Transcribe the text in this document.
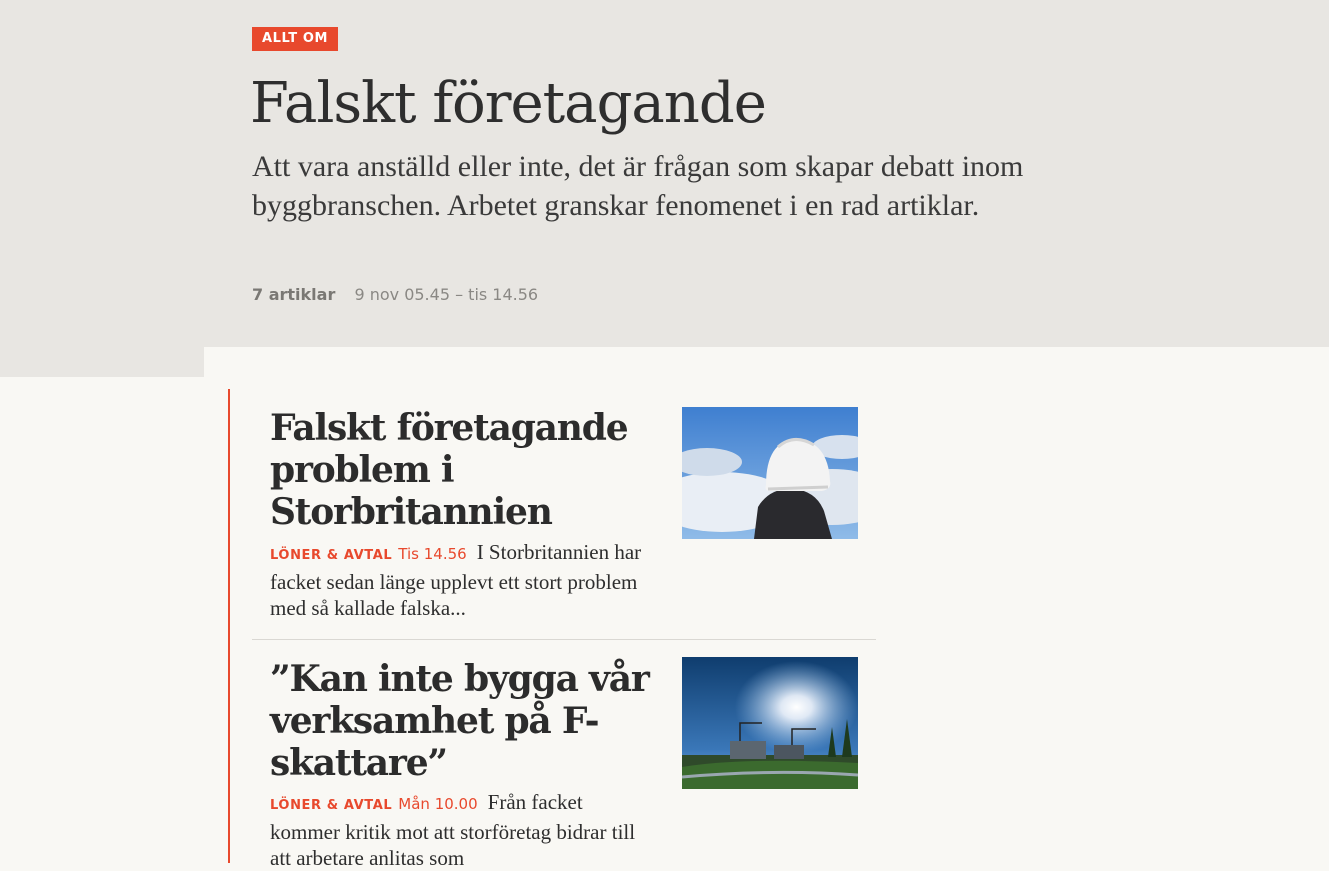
ALLT OM
Falskt företagande

Att vara anställd eller inte, det är frågan som skapar debatt inom byggbranschen. Arbetet granskar fenomenet i en rad artiklar.

7 artiklar 9 nov 05.45 – tis 14.56
Falskt företagande problem i Storbritannien

LÖNER & AVTAL Tis 14.56 I Storbritannien har facket sedan länge upplevt ett stort problem med så kallade falska...

”Kan inte bygga vår verksamhet på F-skattare”

LÖNER & AVTAL Mån 10.00 Från facket kommer kritik mot att storföretag bidrar till att arbetare anlitas som
